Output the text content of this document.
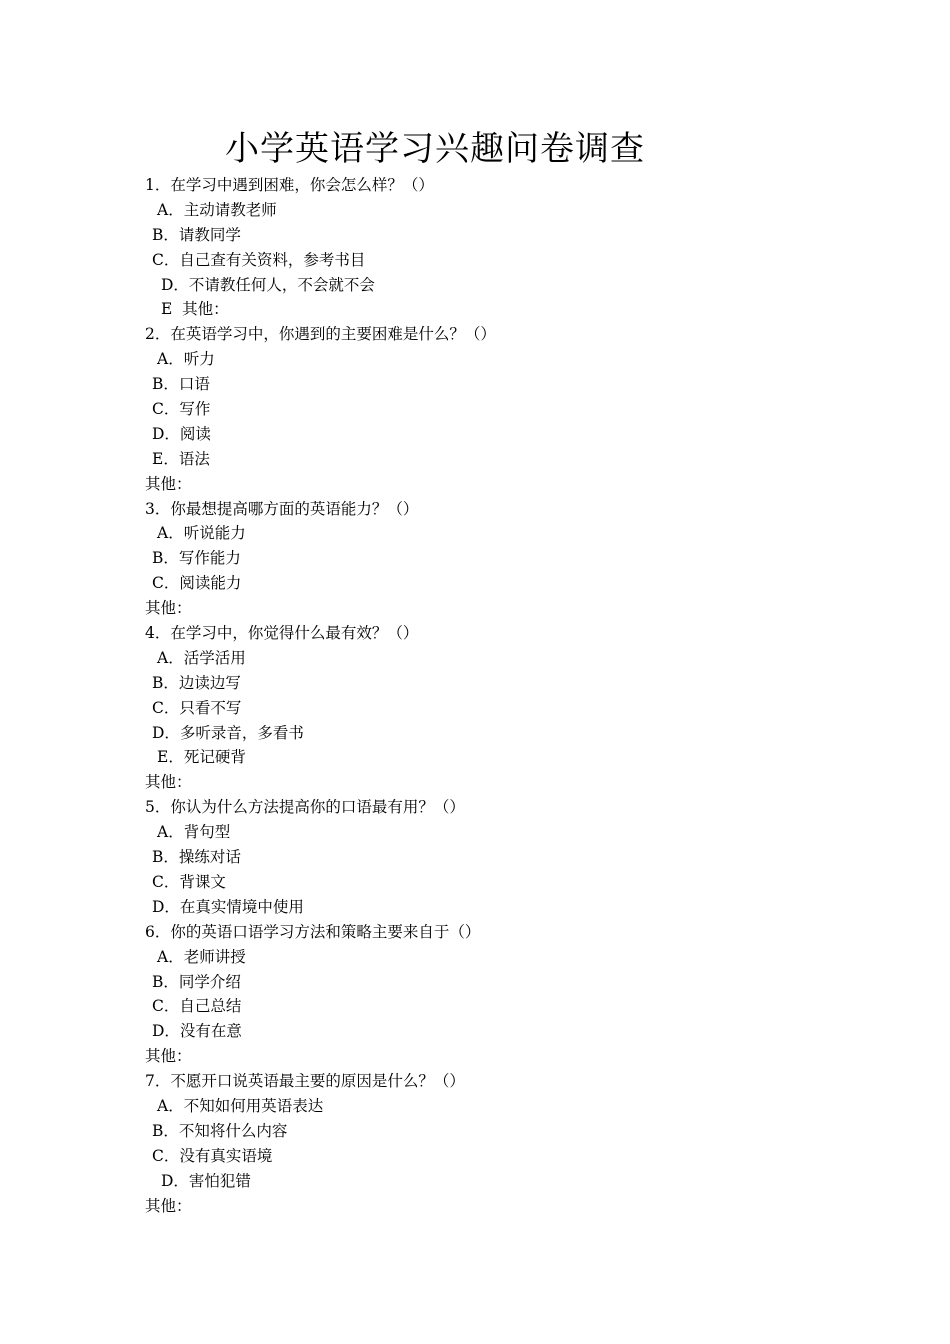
小学英语学习兴趣问卷调查
1．在学习中遇到困难，你会怎么样？（）
A．主动请教老师
B．请教同学
C．自己查有关资料，参考书目
D．不请教任何人，不会就不会
E  其他：
2．在英语学习中，你遇到的主要困难是什么？（）
A．听力
B．口语
C．写作
D．阅读
E．语法
其他：
3．你最想提高哪方面的英语能力？（）
A．听说能力
B．写作能力
C．阅读能力
其他：
4．在学习中，你觉得什么最有效？（）
A．活学活用
B．边读边写
C．只看不写
D．多听录音，多看书
E．死记硬背
其他：
5．你认为什么方法提高你的口语最有用？（）
A．背句型
B．操练对话
C．背课文
D．在真实情境中使用
6．你的英语口语学习方法和策略主要来自于（）
A．老师讲授
B．同学介绍
C．自己总结
D．没有在意
其他：
7．不愿开口说英语最主要的原因是什么？（）
A．不知如何用英语表达
B．不知将什么内容
C．没有真实语境
D．害怕犯错
其他：
